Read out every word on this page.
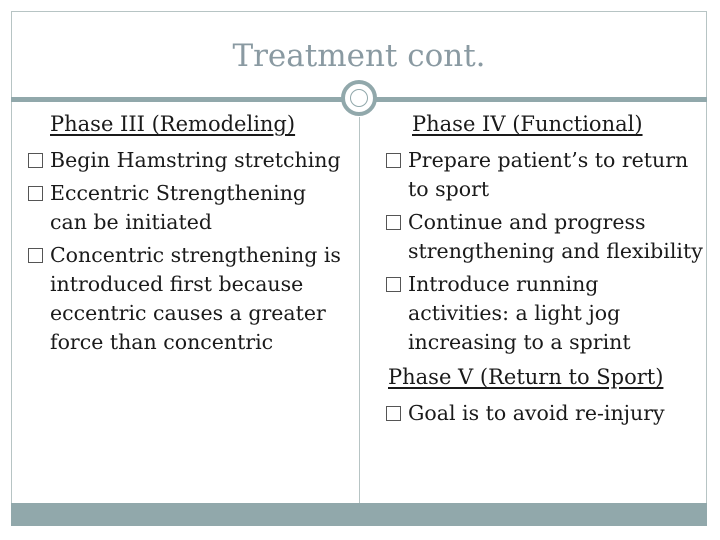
Treatment cont.
Phase III (Remodeling)
Begin Hamstring stretching
Eccentric Strengthening can be initiated
Concentric strengthening is introduced first because eccentric causes a greater force than concentric
Phase IV (Functional)
Prepare patient’s to return to sport
Continue and progress strengthening and flexibility
Introduce running activities: a light jog increasing to a sprint
Phase V (Return to Sport)
Goal is to avoid re-injury
